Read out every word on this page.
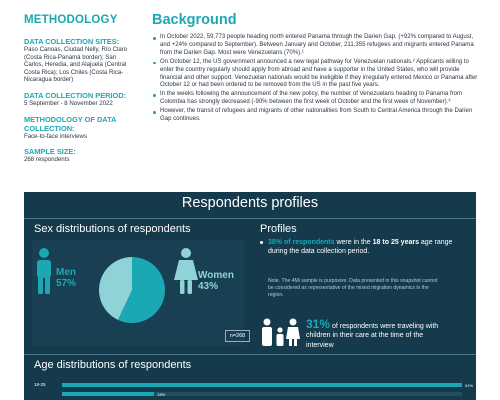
METHODOLOGY
DATA COLLECTION SITES:
Paso Canoas, Ciudad Nelly, Río Claro (Costa Rica-Panamá border); San Carlos, Heredia, and Alajuela (Central Costa Rica); Los Chiles (Costa Rica-Nicaragua border)
DATA COLLECTION PERIOD:
5 September - 8 November 2022
METHODOLOGY OF DATA COLLECTION:
Face-to-face interviews
SAMPLE SIZE:
268 respondents
Background
In October 2022, 59,773 people heading north entered Panama through the Darien Gap, (+92% compared to August, and +24% compared to September). Between January and October, 211,355 refugees and migrants entered Panama from the Darien Gap. Most were Venezuelans (70%).¹
On October 12, the US government announced a new legal pathway for Venezuelan nationals.² Applicants willing to enter the country regularly should apply from abroad and have a supporter in the United States, who will provide financial and other support. Venezuelan nationals would be ineligible if they irregularly entered Mexico or Panama after October 12 or had been ordered to be removed from the US in the past five years.
In the weeks following the announcement of the new policy, the number of Venezuelans heading to Panama from Colombia has strongly decreased (-90% between the first week of October and the first week of November).³
However, the transit of refugees and migrants of other nationalities from South to Central America through the Darien Gap continues.
Respondents profiles
Sex distributions of respondents
Men
57%
Women
43%
n=268
Profiles
38% of respondents were in the 18 to 25 years age range during the data collection period.
Note. The 4Mi sample is purposive. Data presented in this snapshot cannot be considered as representative of the mixed migration dynamics in the region.
31% of respondents were traveling with children in their care at the time of the interview
Age distributions of respondents
18-25	51%
28%
